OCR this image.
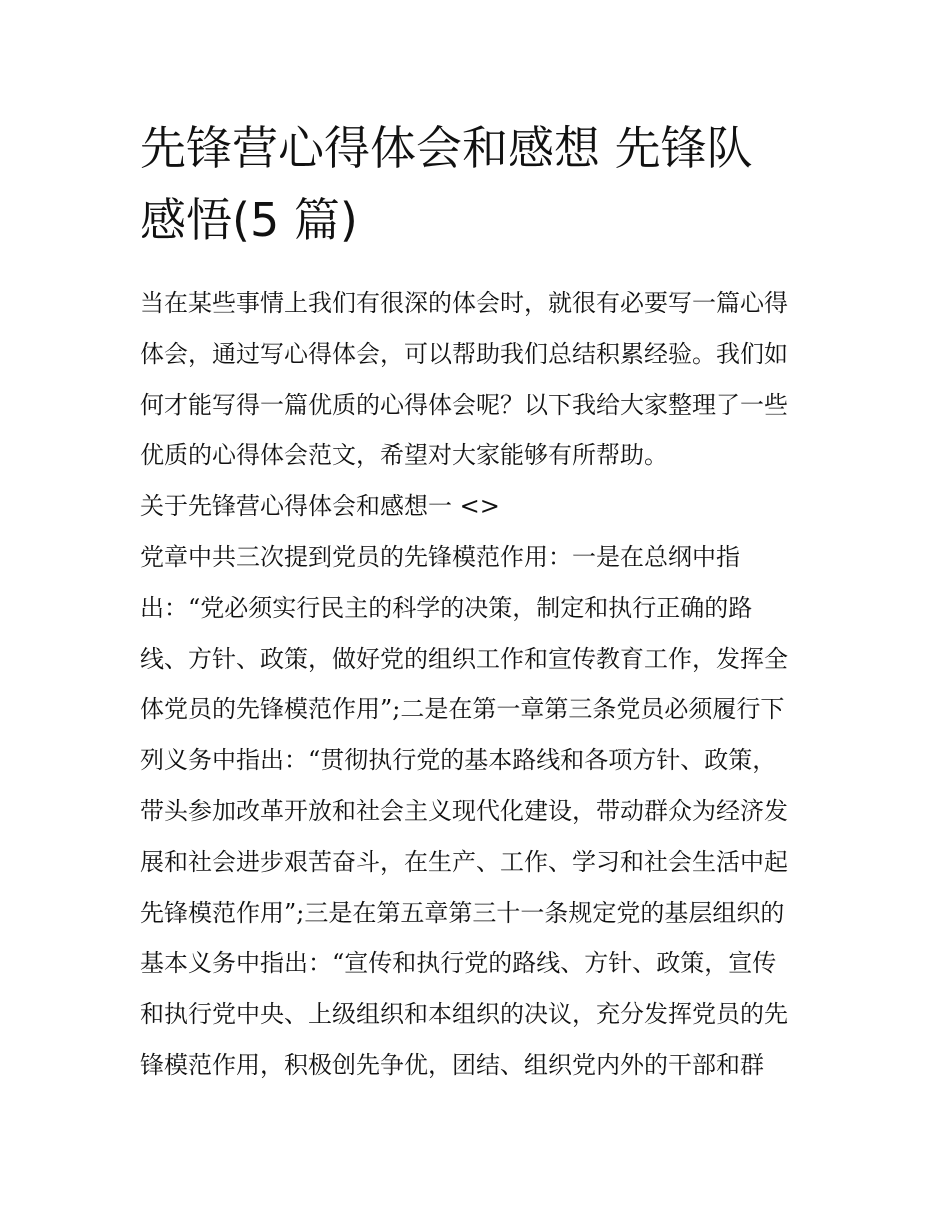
先锋营心得体会和感想 先锋队
感悟(5 篇)
当在某些事情上我们有很深的体会时，就很有必要写一篇心得
体会，通过写心得体会，可以帮助我们总结积累经验。我们如
何才能写得一篇优质的心得体会呢？以下我给大家整理了一些
优质的心得体会范文，希望对大家能够有所帮助。
关于先锋营心得体会和感想一 <>
党章中共三次提到党员的先锋模范作用：一是在总纲中指
出：“党必须实行民主的科学的决策，制定和执行正确的路
线、方针、政策，做好党的组织工作和宣传教育工作，发挥全
体党员的先锋模范作用”;二是在第一章第三条党员必须履行下
列义务中指出：“贯彻执行党的基本路线和各项方针、政策，
带头参加改革开放和社会主义现代化建设，带动群众为经济发
展和社会进步艰苦奋斗，在生产、工作、学习和社会生活中起
先锋模范作用”;三是在第五章第三十一条规定党的基层组织的
基本义务中指出：“宣传和执行党的路线、方针、政策，宣传
和执行党中央、上级组织和本组织的决议，充分发挥党员的先
锋模范作用，积极创先争优，团结、组织党内外的干部和群
